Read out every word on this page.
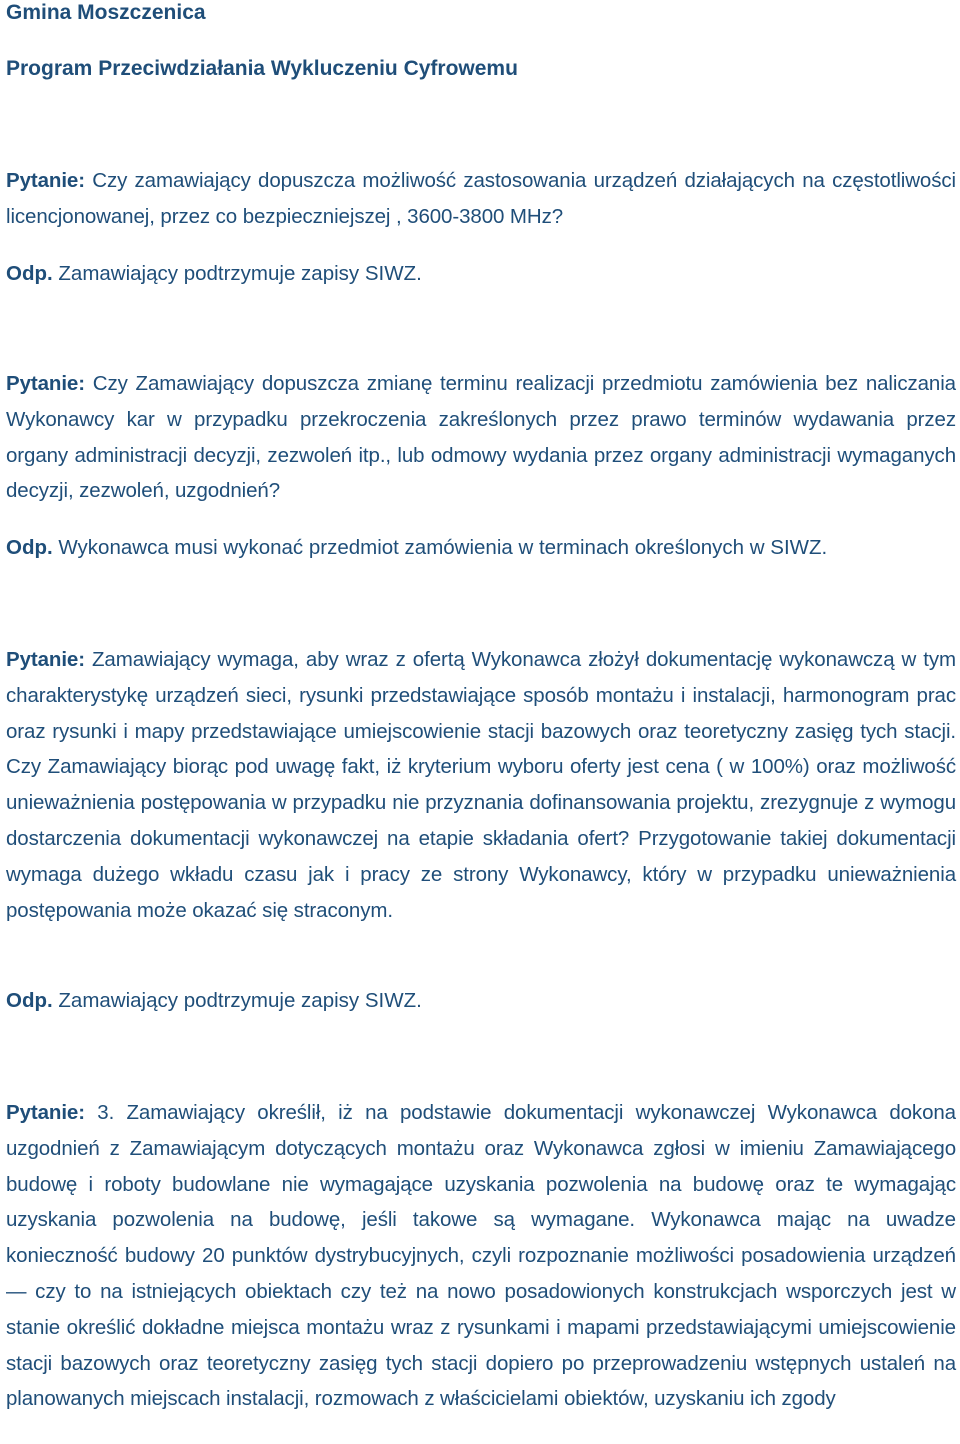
Gmina Moszczenica
Program Przeciwdziałania Wykluczeniu Cyfrowemu

Pytanie: Czy zamawiający dopuszcza możliwość zastosowania urządzeń działających na częstotliwości licencjonowanej, przez co bezpieczniejszej , 3600-3800 MHz?

Odp. Zamawiający podtrzymuje zapisy SIWZ.

Pytanie: Czy Zamawiający dopuszcza zmianę terminu realizacji przedmiotu zamówienia bez naliczania Wykonawcy kar w przypadku przekroczenia zakreślonych przez prawo terminów wydawania przez organy administracji decyzji, zezwoleń itp., lub odmowy wydania przez organy administracji wymaganych decyzji, zezwoleń, uzgodnień?

Odp. Wykonawca musi wykonać przedmiot zamówienia w terminach określonych w SIWZ.

Pytanie: Zamawiający wymaga, aby wraz z ofertą Wykonawca złożył dokumentację wykonawczą w tym charakterystykę urządzeń sieci, rysunki przedstawiające sposób montażu i instalacji, harmonogram prac oraz rysunki i mapy przedstawiające umiejscowienie stacji bazowych oraz teoretyczny zasięg tych stacji. Czy Zamawiający biorąc pod uwagę fakt, iż kryterium wyboru oferty jest cena ( w 100%) oraz możliwość unieważnienia postępowania w przypadku nie przyznania dofinansowania projektu, zrezygnuje z wymogu dostarczenia dokumentacji wykonawczej na etapie składania ofert? Przygotowanie takiej dokumentacji wymaga dużego wkładu czasu jak i pracy ze strony Wykonawcy, który w przypadku unieważnienia postępowania może okazać się straconym.

Odp. Zamawiający podtrzymuje zapisy SIWZ.

Pytanie: 3. Zamawiający określił, iż na podstawie dokumentacji wykonawczej Wykonawca dokona uzgodnień z Zamawiającym dotyczących montażu oraz Wykonawca zgłosi w imieniu Zamawiającego budowę i roboty budowlane nie wymagające uzyskania pozwolenia na budowę oraz te wymagając uzyskania pozwolenia na budowę, jeśli takowe są wymagane. Wykonawca mając na uwadze konieczność budowy 20 punktów dystrybucyjnych, czyli rozpoznanie możliwości posadowienia urządzeń — czy to na istniejących obiektach czy też na nowo posadowionych konstrukcjach wsporczych jest w stanie określić dokładne miejsca montażu wraz z rysunkami i mapami przedstawiającymi umiejscowienie stacji bazowych oraz teoretyczny zasięg tych stacji dopiero po przeprowadzeniu wstępnych ustaleń na planowanych miejscach instalacji, rozmowach z właścicielami obiektów, uzyskaniu ich zgody
